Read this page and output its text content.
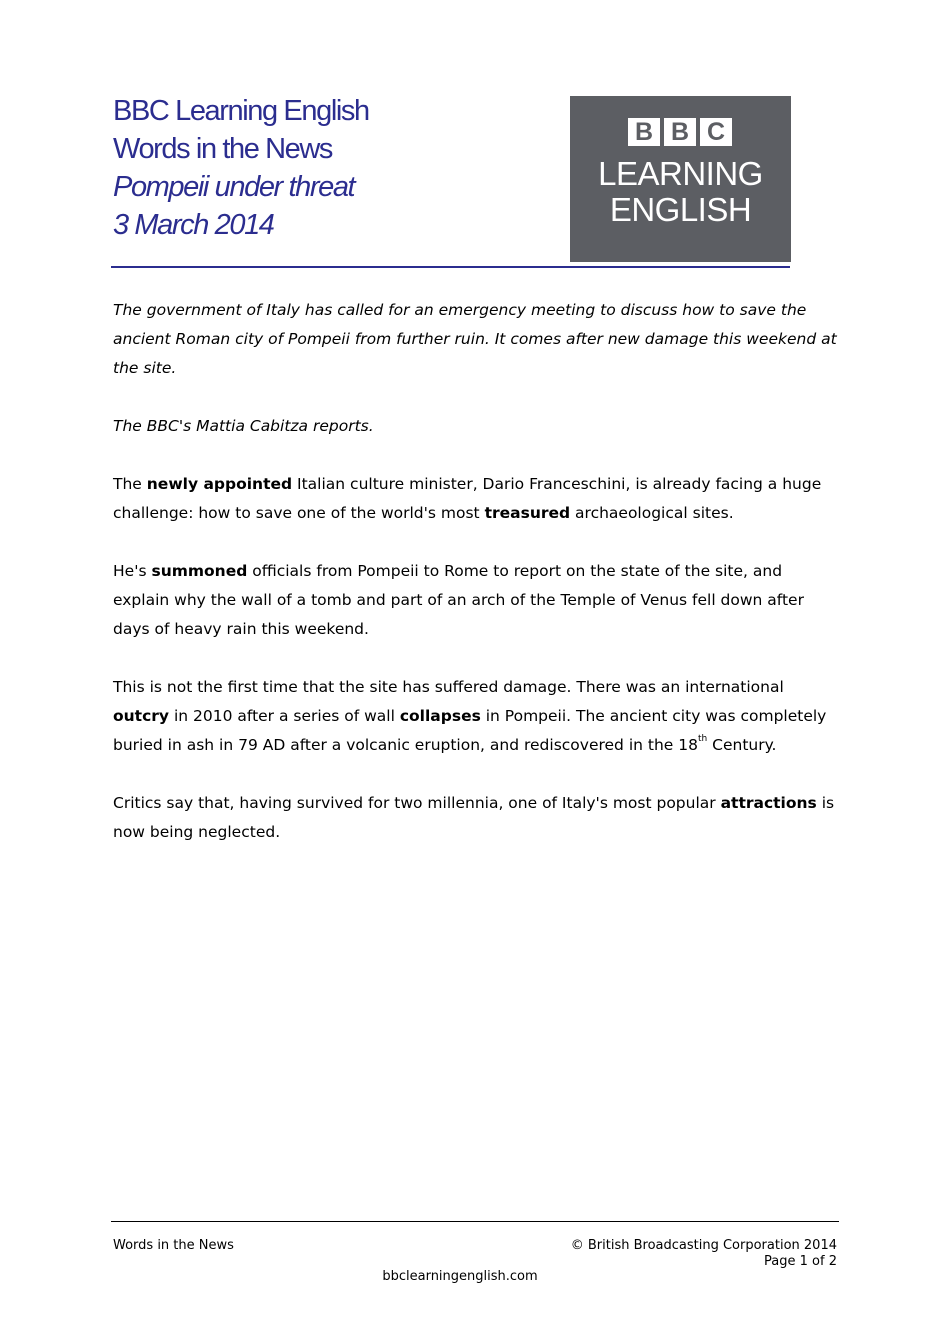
BBC Learning English
Words in the News
Pompeii under threat
3 March 2014
B B C
LEARNING
ENGLISH

The government of Italy has called for an emergency meeting to discuss how to save the ancient Roman city of Pompeii from further ruin. It comes after new damage this weekend at the site.

The BBC's Mattia Cabitza reports.

The newly appointed Italian culture minister, Dario Franceschini, is already facing a huge challenge: how to save one of the world's most treasured archaeological sites.

He's summoned officials from Pompeii to Rome to report on the state of the site, and explain why the wall of a tomb and part of an arch of the Temple of Venus fell down after days of heavy rain this weekend.

This is not the first time that the site has suffered damage. There was an international outcry in 2010 after a series of wall collapses in Pompeii. The ancient city was completely buried in ash in 79 AD after a volcanic eruption, and rediscovered in the 18th Century.

Critics say that, having survived for two millennia, one of Italy's most popular attractions is now being neglected.

Words in the News	© British Broadcasting Corporation 2014
Page 1 of 2
bbclearningenglish.com
